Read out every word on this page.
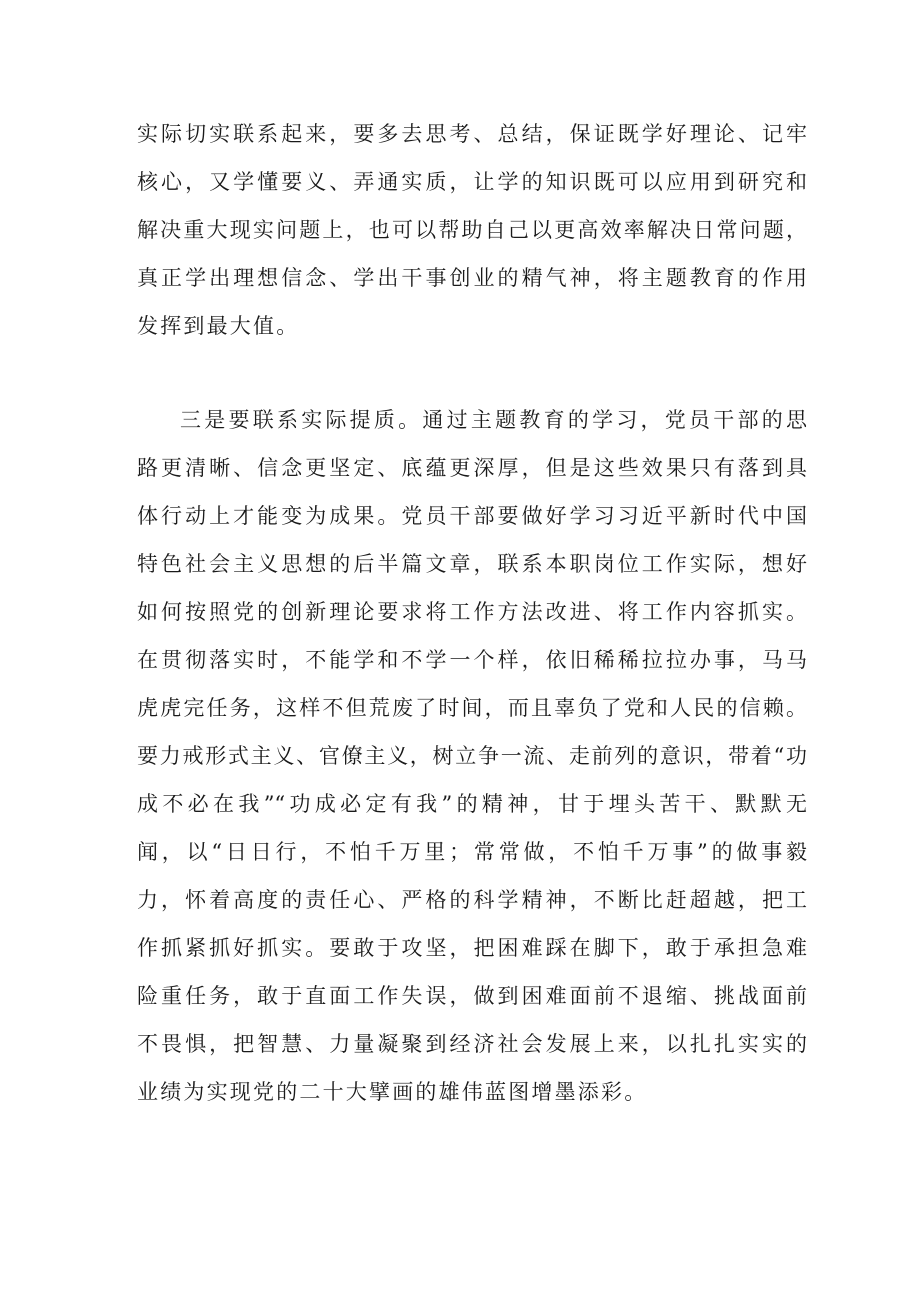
实际切实联系起来，要多去思考、总结，保证既学好理论、记牢
核心，又学懂要义、弄通实质，让学的知识既可以应用到研究和
解决重大现实问题上，也可以帮助自己以更高效率解决日常问题，
真正学出理想信念、学出干事创业的精气神，将主题教育的作用
发挥到最大值。
三是要联系实际提质。通过主题教育的学习，党员干部的思
路更清晰、信念更坚定、底蕴更深厚，但是这些效果只有落到具
体行动上才能变为成果。党员干部要做好学习习近平新时代中国
特色社会主义思想的后半篇文章，联系本职岗位工作实际，想好
如何按照党的创新理论要求将工作方法改进、将工作内容抓实。
在贯彻落实时，不能学和不学一个样，依旧稀稀拉拉办事，马马
虎虎完任务，这样不但荒废了时间，而且辜负了党和人民的信赖。
要力戒形式主义、官僚主义，树立争一流、走前列的意识，带着“功
成不必在我”“功成必定有我”的精神，甘于埋头苦干、默默无
闻，以“日日行，不怕千万里；常常做，不怕千万事”的做事毅
力，怀着高度的责任心、严格的科学精神，不断比赶超越，把工
作抓紧抓好抓实。要敢于攻坚，把困难踩在脚下，敢于承担急难
险重任务，敢于直面工作失误，做到困难面前不退缩、挑战面前
不畏惧，把智慧、力量凝聚到经济社会发展上来，以扎扎实实的
业绩为实现党的二十大擘画的雄伟蓝图增墨添彩。
